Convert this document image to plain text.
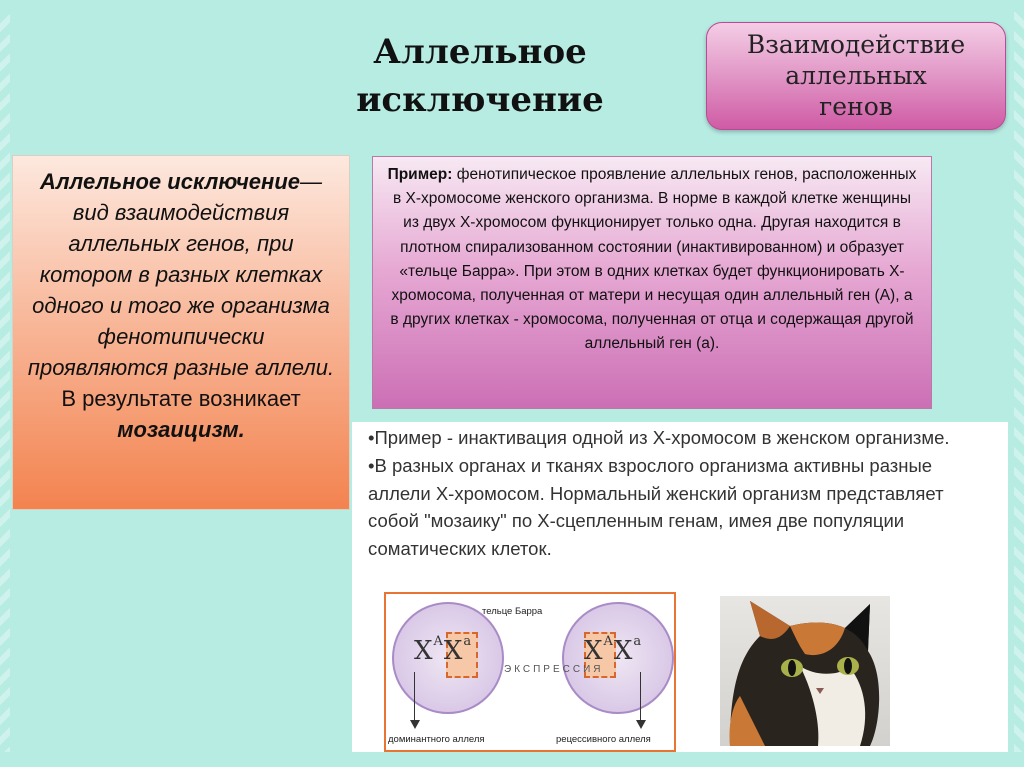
Аллельное
исключение
Взаимодействие
аллельных
генов
Аллельное исключение— вид взаимодействия аллельных генов, при котором в разных клетках одного и того же организма фенотипически проявляются разные аллели.
В результате возникает мозаицизм.
Пример: фенотипическое проявление аллельных генов, расположенных в Х-хромосоме женского организма. В норме в каждой клетке женщины из двух Х-хромосом функционирует только одна. Другая находится в плотном спирализованном состоянии (инактивированном) и образует «тельце Барра». При этом в одних клетках будет функционировать Х-хромосома, полученная от матери и несущая один аллельный ген (А), а в других клетках - хромосома, полученная от отца и содержащая другой аллельный ген (а).

•Пример - инактивация одной из Х-хромосом в женском организме.

•В разных органах и тканях взрослого организма активны разные аллели Х-хромосом. Нормальный женский организм представляет собой "мозаику" по Х-сцепленным генам, имея две популяции соматических клеток.

$X^AX^a$	$X^AX^a$
тельце Барра
ЭКСПРЕССИЯ
доминантного аллеля	рецессивного аллеля
